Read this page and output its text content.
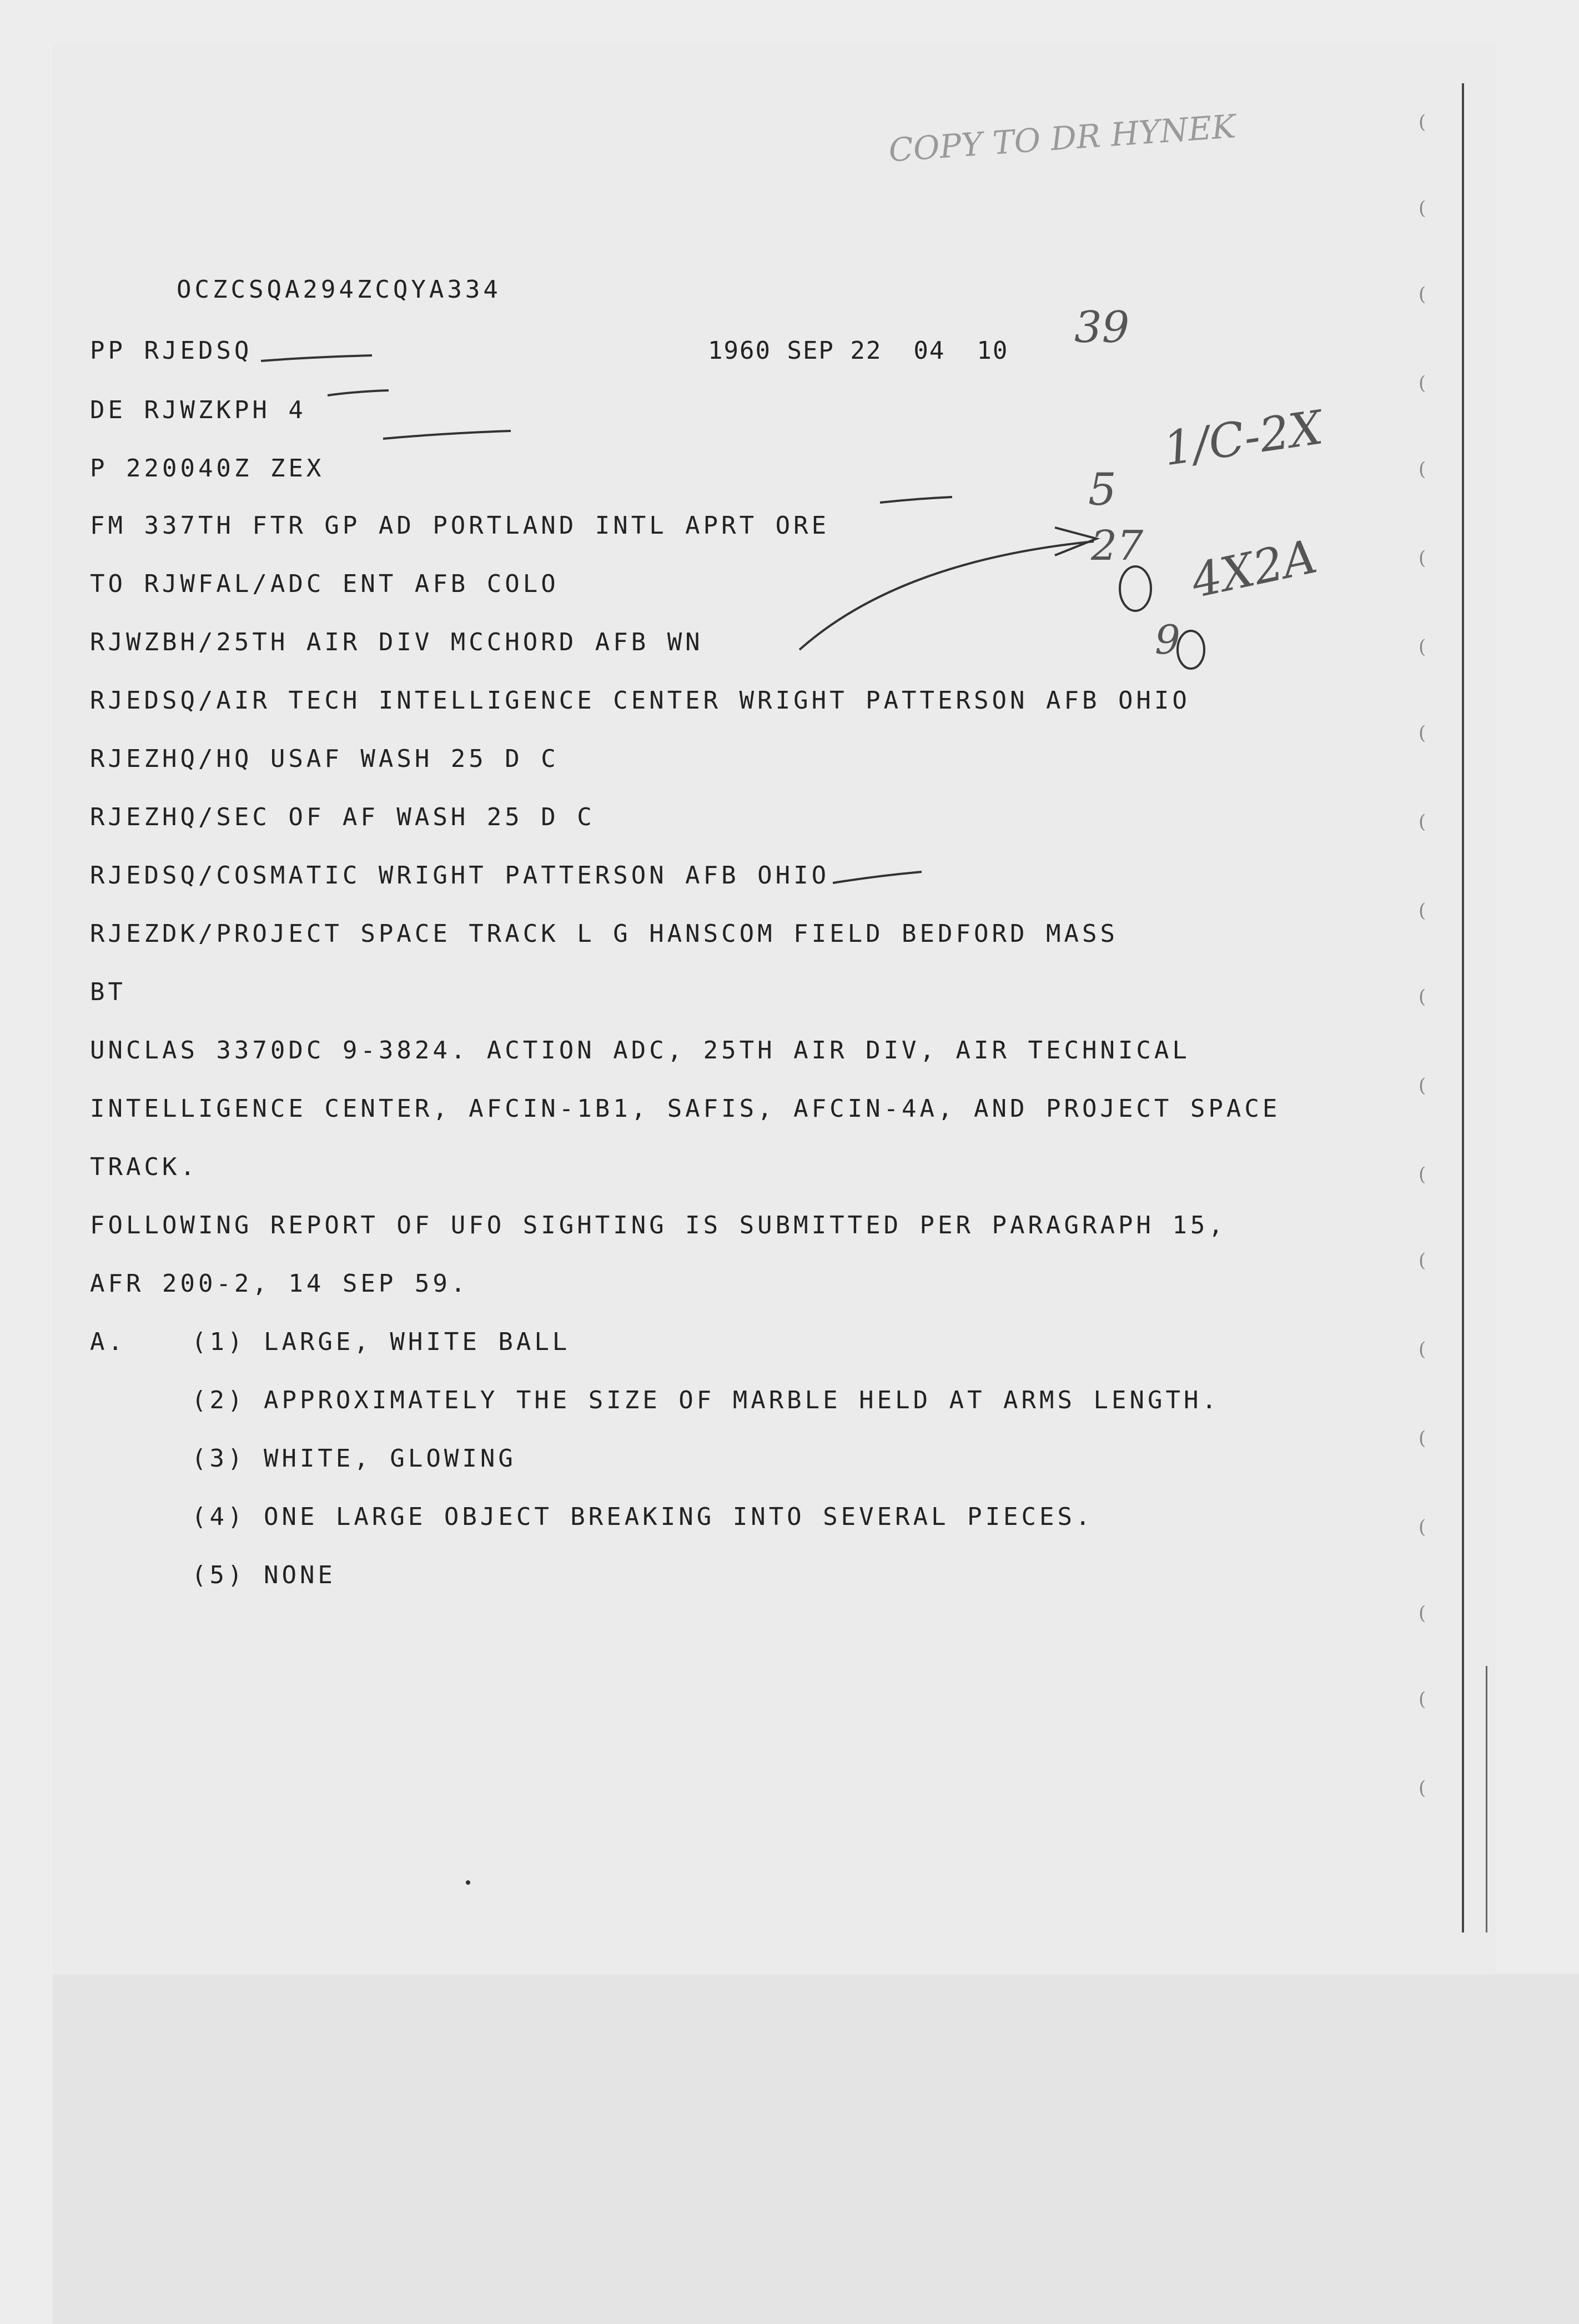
(
(
(
(
(
(
(
(
(
(
(
(
(
(
(
(
(
(
(
(
COPY TO DR HYNEK
OCZCSQA294ZCQYA334
PP RJEDSQ	1960 SEP 22  04  10 39
DE RJWZKPH 4
P 220040Z ZEX
FM 337TH FTR GP AD PORTLAND INTL APRT ORE
TO RJWFAL/ADC ENT AFB COLO
RJWZBH/25TH AIR DIV MCCHORD AFB WN
RJEDSQ/AIR TECH INTELLIGENCE CENTER WRIGHT PATTERSON AFB OHIO
RJEZHQ/HQ USAF WASH 25 D C
RJEZHQ/SEC OF AF WASH 25 D C
RJEDSQ/COSMATIC WRIGHT PATTERSON AFB OHIO
RJEZDK/PROJECT SPACE TRACK L G HANSCOM FIELD BEDFORD MASS
BT
UNCLAS 3370DC 9-3824. ACTION ADC, 25TH AIR DIV, AIR TECHNICAL
INTELLIGENCE CENTER, AFCIN-1B1, SAFIS, AFCIN-4A, AND PROJECT SPACE
TRACK.
FOLLOWING REPORT OF UFO SIGHTING IS SUBMITTED PER PARAGRAPH 15,
AFR 200-2, 14 SEP 59.
A.	(1) LARGE, WHITE BALL
(2) APPROXIMATELY THE SIZE OF MARBLE HELD AT ARMS LENGTH.
(3) WHITE, GLOWING
(4) ONE LARGE OBJECT BREAKING INTO SEVERAL PIECES.
(5) NONE
1/C-2X
5
27 4X2A
9
